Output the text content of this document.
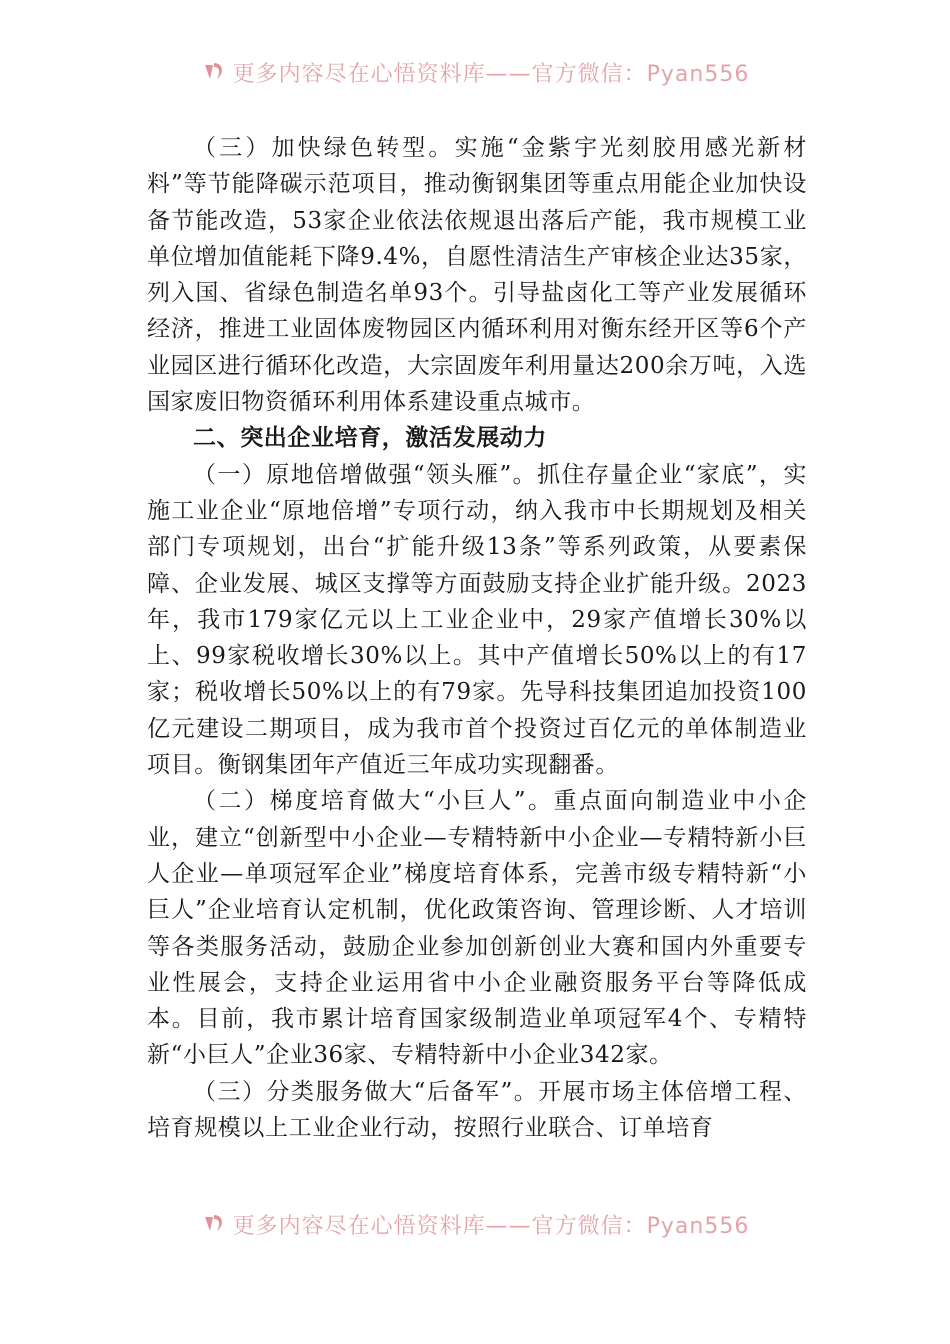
更多内容尽在心悟资料库——官方微信：Pyan556

（三）加快绿色转型。实施“金紫宇光刻胶用感光新材料”等节能降碳示范项目，推动衡钢集团等重点用能企业加快设备节能改造，53家企业依法依规退出落后产能，我市规模工业单位增加值能耗下降9.4%，自愿性清洁生产审核企业达35家，列入国、省绿色制造名单93个。引导盐卤化工等产业发展循环经济，推进工业固体废物园区内循环利用对衡东经开区等6个产业园区进行循环化改造，大宗固废年利用量达200余万吨，入选国家废旧物资循环利用体系建设重点城市。

二、突出企业培育，激活发展动力

（一）原地倍增做强“领头雁”。抓住存量企业“家底”，实施工业企业“原地倍增”专项行动，纳入我市中长期规划及相关部门专项规划，出台“扩能升级13条”等系列政策，从要素保障、企业发展、城区支撑等方面鼓励支持企业扩能升级。2023年，我市179家亿元以上工业企业中，29家产值增长30%以上、99家税收增长30%以上。其中产值增长50%以上的有17家；税收增长50%以上的有79家。先导科技集团追加投资100亿元建设二期项目，成为我市首个投资过百亿元的单体制造业项目。衡钢集团年产值近三年成功实现翻番。

（二）梯度培育做大“小巨人”。重点面向制造业中小企业，建立“创新型中小企业—专精特新中小企业—专精特新小巨人企业—单项冠军企业”梯度培育体系，完善市级专精特新“小巨人”企业培育认定机制，优化政策咨询、管理诊断、人才培训等各类服务活动，鼓励企业参加创新创业大赛和国内外重要专业性展会，支持企业运用省中小企业融资服务平台等降低成本。目前，我市累计培育国家级制造业单项冠军4个、专精特新“小巨人”企业36家、专精特新中小企业342家。

（三）分类服务做大“后备军”。开展市场主体倍增工程、培育规模以上工业企业行动，按照行业联合、订单培育

更多内容尽在心悟资料库——官方微信：Pyan556
